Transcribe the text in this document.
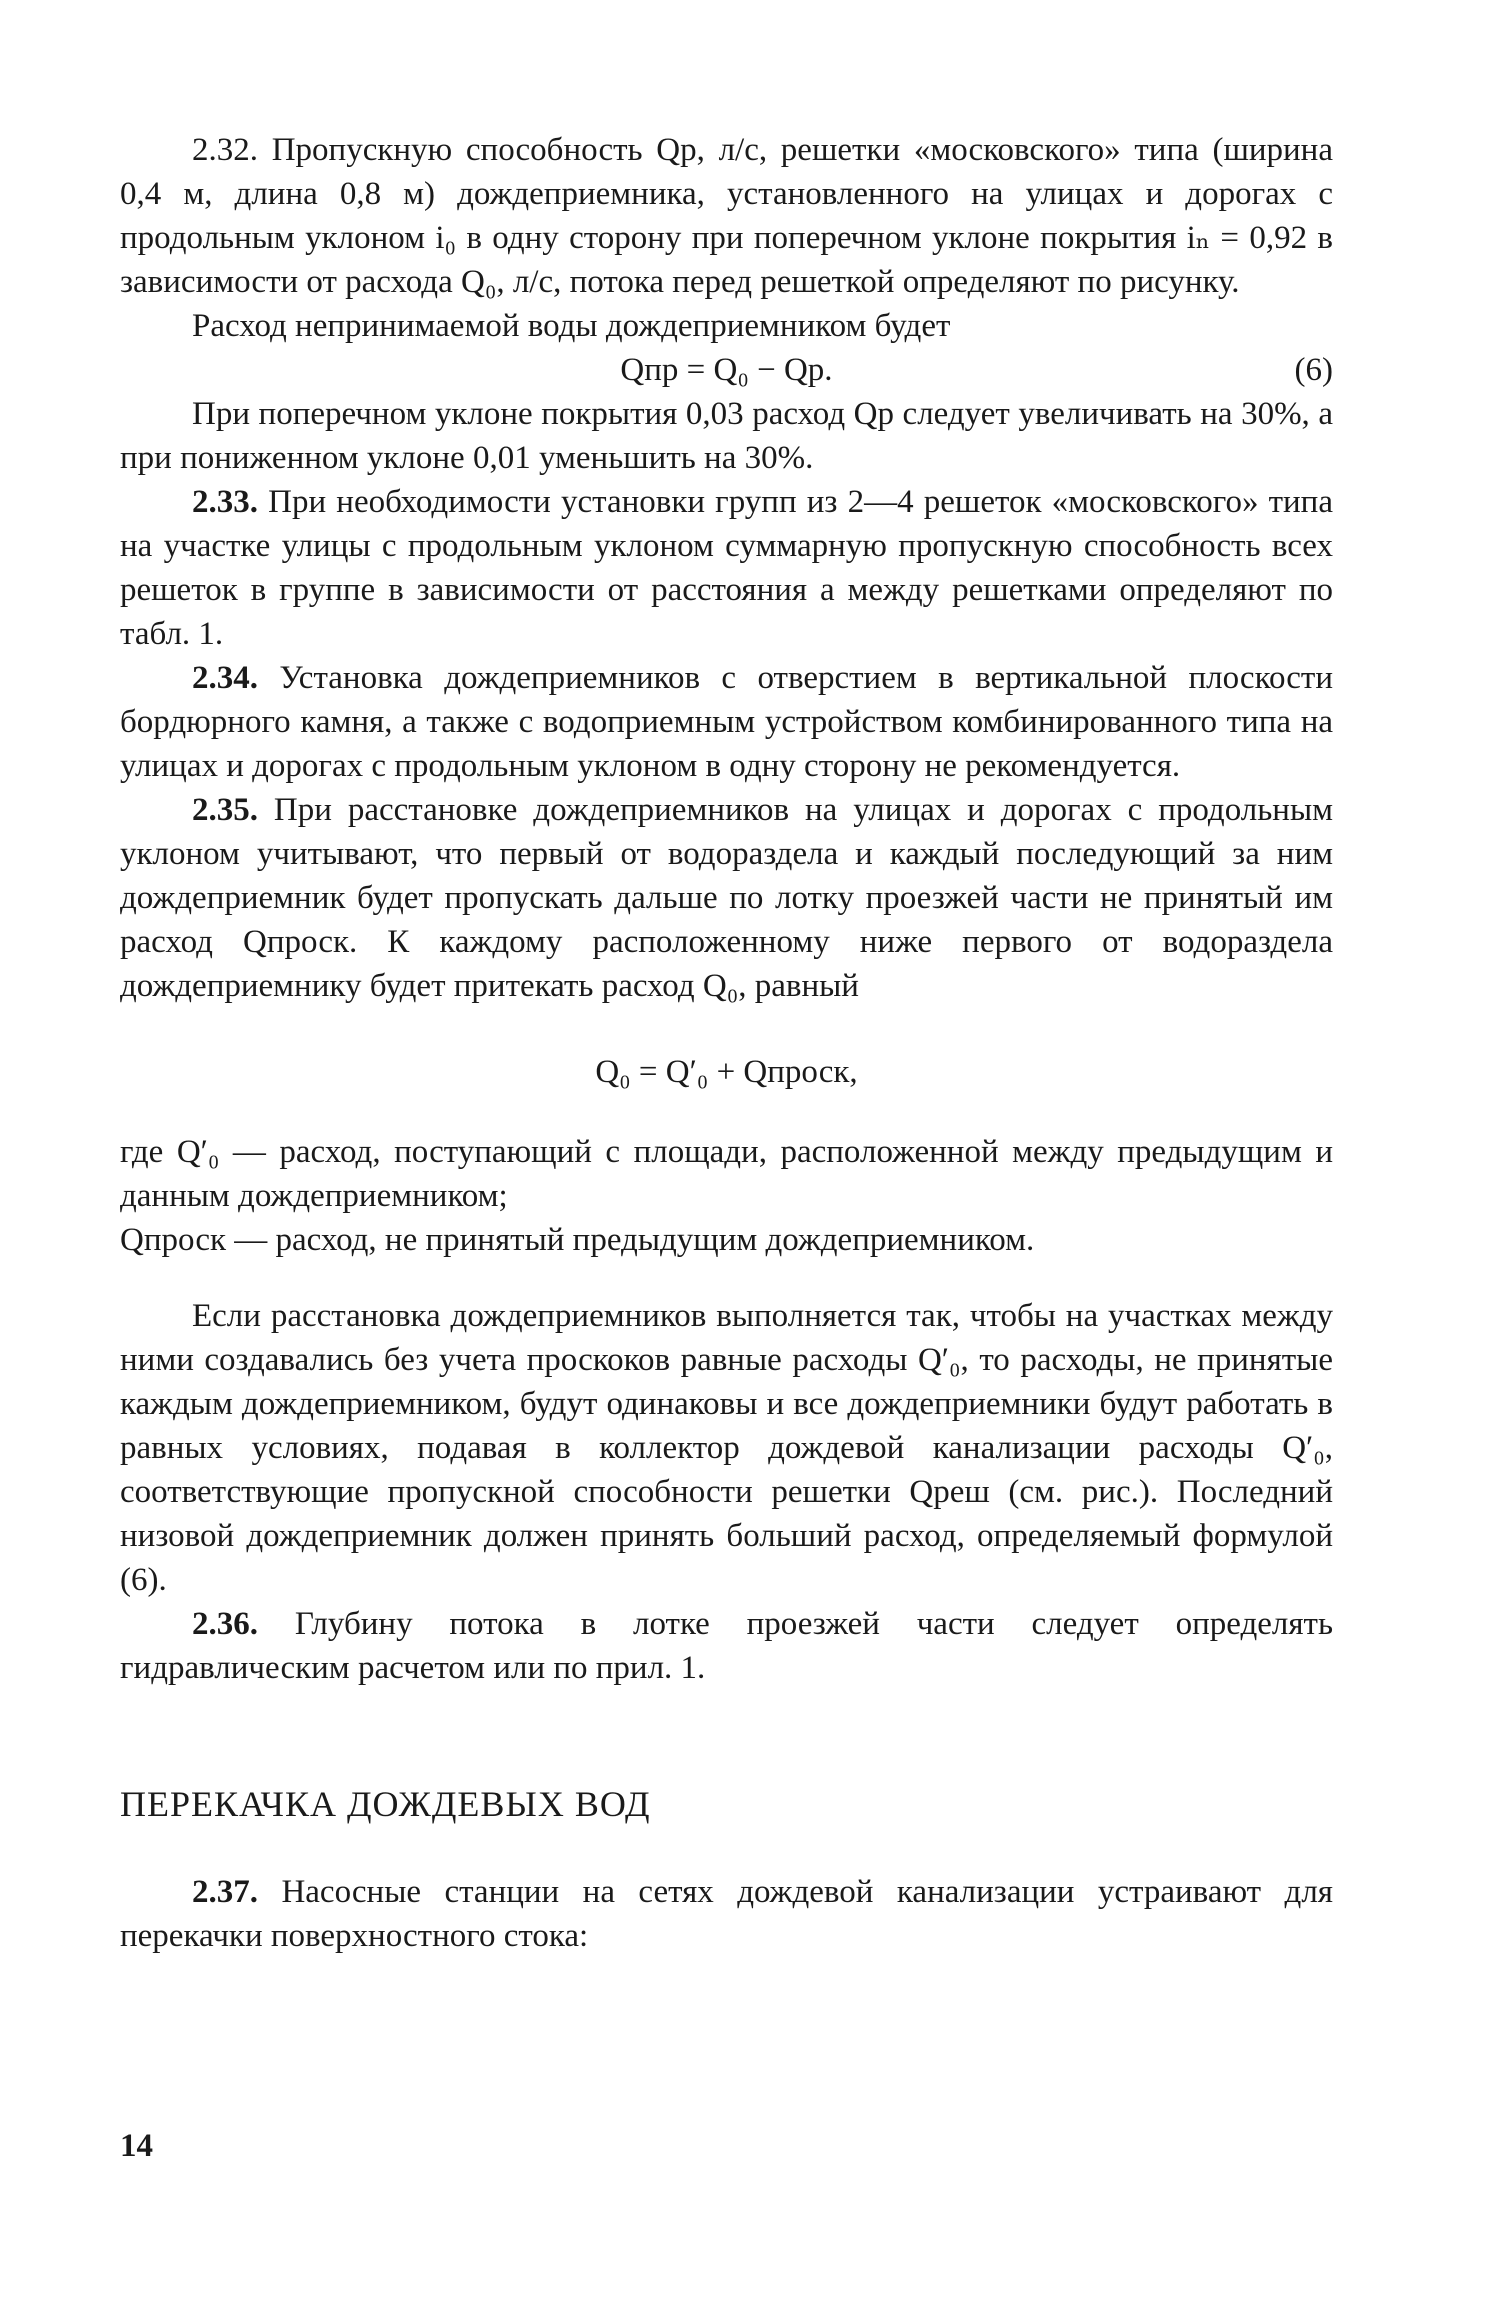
2.32. Пропускную способность Qр, л/с, решетки «московского» типа (ширина 0,4 м, длина 0,8 м) дождеприемника, установленного на улицах и дорогах с продольным уклоном i₀ в одну сторону при поперечном уклоне покрытия iₙ = 0,92 в зависимости от расхода Q₀, л/с, потока перед решеткой определяют по рисунку.

Расход непринимаемой воды дождеприемником будет

Qпр = Q₀ − Qр.	(6)

При поперечном уклоне покрытия 0,03 расход Qр следует увеличивать на 30%, а при пониженном уклоне 0,01 уменьшить на 30%.

2.33. При необходимости установки групп из 2—4 решеток «московского» типа на участке улицы с продольным уклоном суммарную пропускную способность всех решеток в группе в зависимости от расстояния a между решетками определяют по табл. 1.

2.34. Установка дождеприемников с отверстием в вертикальной плоскости бордюрного камня, а также с водоприемным устройством комбинированного типа на улицах и дорогах с продольным уклоном в одну сторону не рекомендуется.

2.35. При расстановке дождеприемников на улицах и дорогах с продольным уклоном учитывают, что первый от водораздела и каждый последующий за ним дождеприемник будет пропускать дальше по лотку проезжей части не принятый им расход Qпроск. К каждому расположенному ниже первого от водораздела дождеприемнику будет притекать расход Q₀, равный

Q₀ = Q′₀ + Qпроск,
где Q′₀ — расход, поступающий с площади, расположенной между предыдущим и данным дождеприемником;
Qпроск — расход, не принятый предыдущим дождеприемником.

Если расстановка дождеприемников выполняется так, чтобы на участках между ними создавались без учета проскоков равные расходы Q′₀, то расходы, не принятые каждым дождеприемником, будут одинаковы и все дождеприемники будут работать в равных условиях, подавая в коллектор дождевой канализации расходы Q′₀, соответствующие пропускной способности решетки Qреш (см. рис.). Последний низовой дождеприемник должен принять больший расход, определяемый формулой (6).

2.36. Глубину потока в лотке проезжей части следует определять гидравлическим расчетом или по прил. 1.

ПЕРЕКАЧКА ДОЖДЕВЫХ ВОД

2.37. Насосные станции на сетях дождевой канализации устраивают для перекачки поверхностного стока:

14
